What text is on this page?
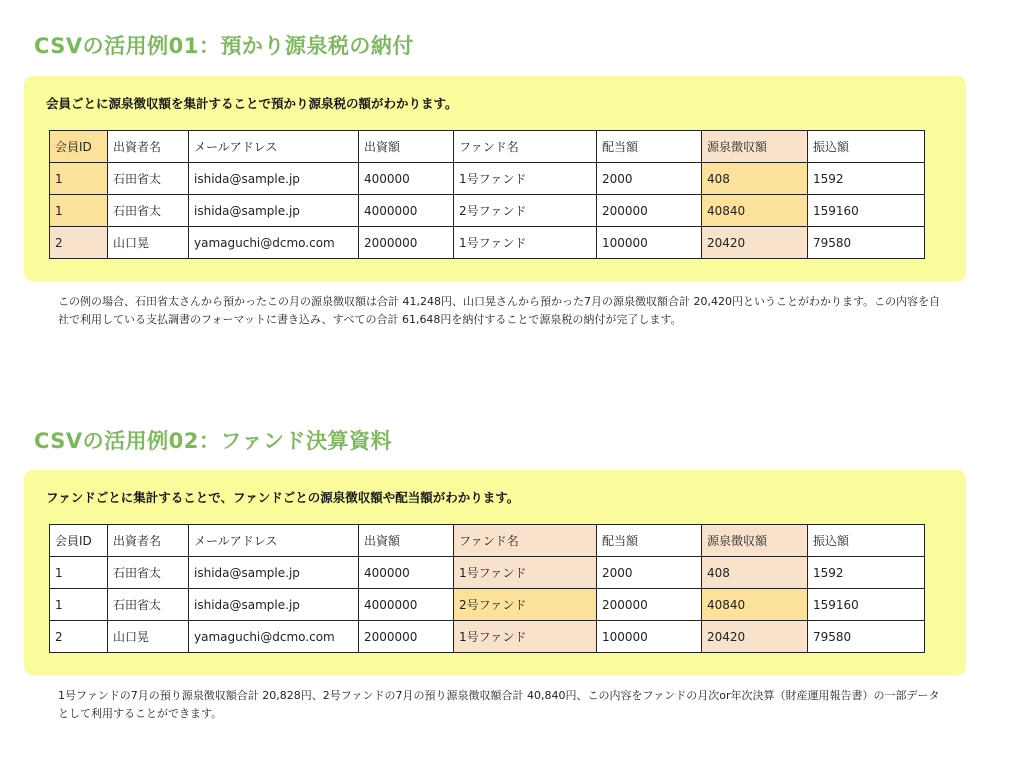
CSVの活用例01：預かり源泉税の納付

会員ごとに源泉徴収額を集計することで預かり源泉税の額がわかります。

会員ID	出資者名	メールアドレス	出資額	ファンド名	配当額	源泉徴収額	振込額
1	石田省太	ishida@sample.jp	400000	1号ファンド	2000	408	1592
1	石田省太	ishida@sample.jp	4000000	2号ファンド	200000	40840	159160
2	山口晃	yamaguchi@dcmo.com	2000000	1号ファンド	100000	20420	79580

この例の場合、石田省太さんから預かったこの月の源泉徴収額は合計 41,248円、山口晃さんから預かった7月の源泉徴収額合計 20,420円ということがわかります。この内容を自社で利用している支払調書のフォーマットに書き込み、すべての合計 61,648円を納付することで源泉税の納付が完了します。

CSVの活用例02：ファンド決算資料

ファンドごとに集計することで、ファンドごとの源泉徴収額や配当額がわかります。

会員ID	出資者名	メールアドレス	出資額	ファンド名	配当額	源泉徴収額	振込額
1	石田省太	ishida@sample.jp	400000	1号ファンド	2000	408	1592
1	石田省太	ishida@sample.jp	4000000	2号ファンド	200000	40840	159160
2	山口晃	yamaguchi@dcmo.com	2000000	1号ファンド	100000	20420	79580

1号ファンドの7月の預り源泉徴収額合計 20,828円、2号ファンドの7月の預り源泉徴収額合計 40,840円、この内容をファンドの月次or年次決算（財産運用報告書）の一部データとして利用することができます。
